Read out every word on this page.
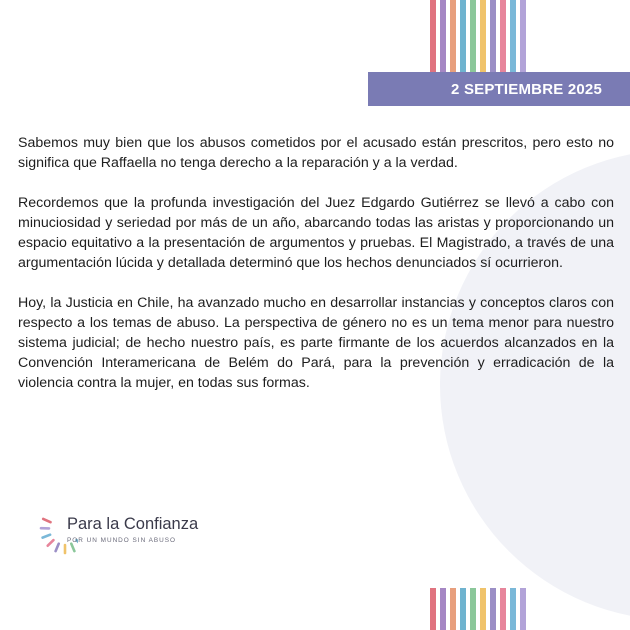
2 SEPTIEMBRE 2025

Sabemos muy bien que los abusos cometidos por el acusado están prescritos, pero esto no significa que Raffaella no tenga derecho a la reparación y a la verdad.

Recordemos que la profunda investigación del Juez Edgardo Gutiérrez se llevó a cabo con minuciosidad y seriedad por más de un año, abarcando todas las aristas y proporcionando un espacio equitativo a la presentación de argumentos y pruebas. El Magistrado, a través de una argumentación lúcida y detallada determinó que los hechos denunciados sí ocurrieron.

Hoy, la Justicia en Chile, ha avanzado mucho en desarrollar instancias y conceptos claros con respecto a los temas de abuso. La perspectiva de género no es un tema menor para nuestro sistema judicial; de hecho nuestro país, es parte firmante de los acuerdos alcanzados en la Convención Interamericana de Belém do Pará, para la prevención y erradicación de la violencia contra la mujer, en todas sus formas.

Para la Confianza
POR UN MUNDO SIN ABUSO
